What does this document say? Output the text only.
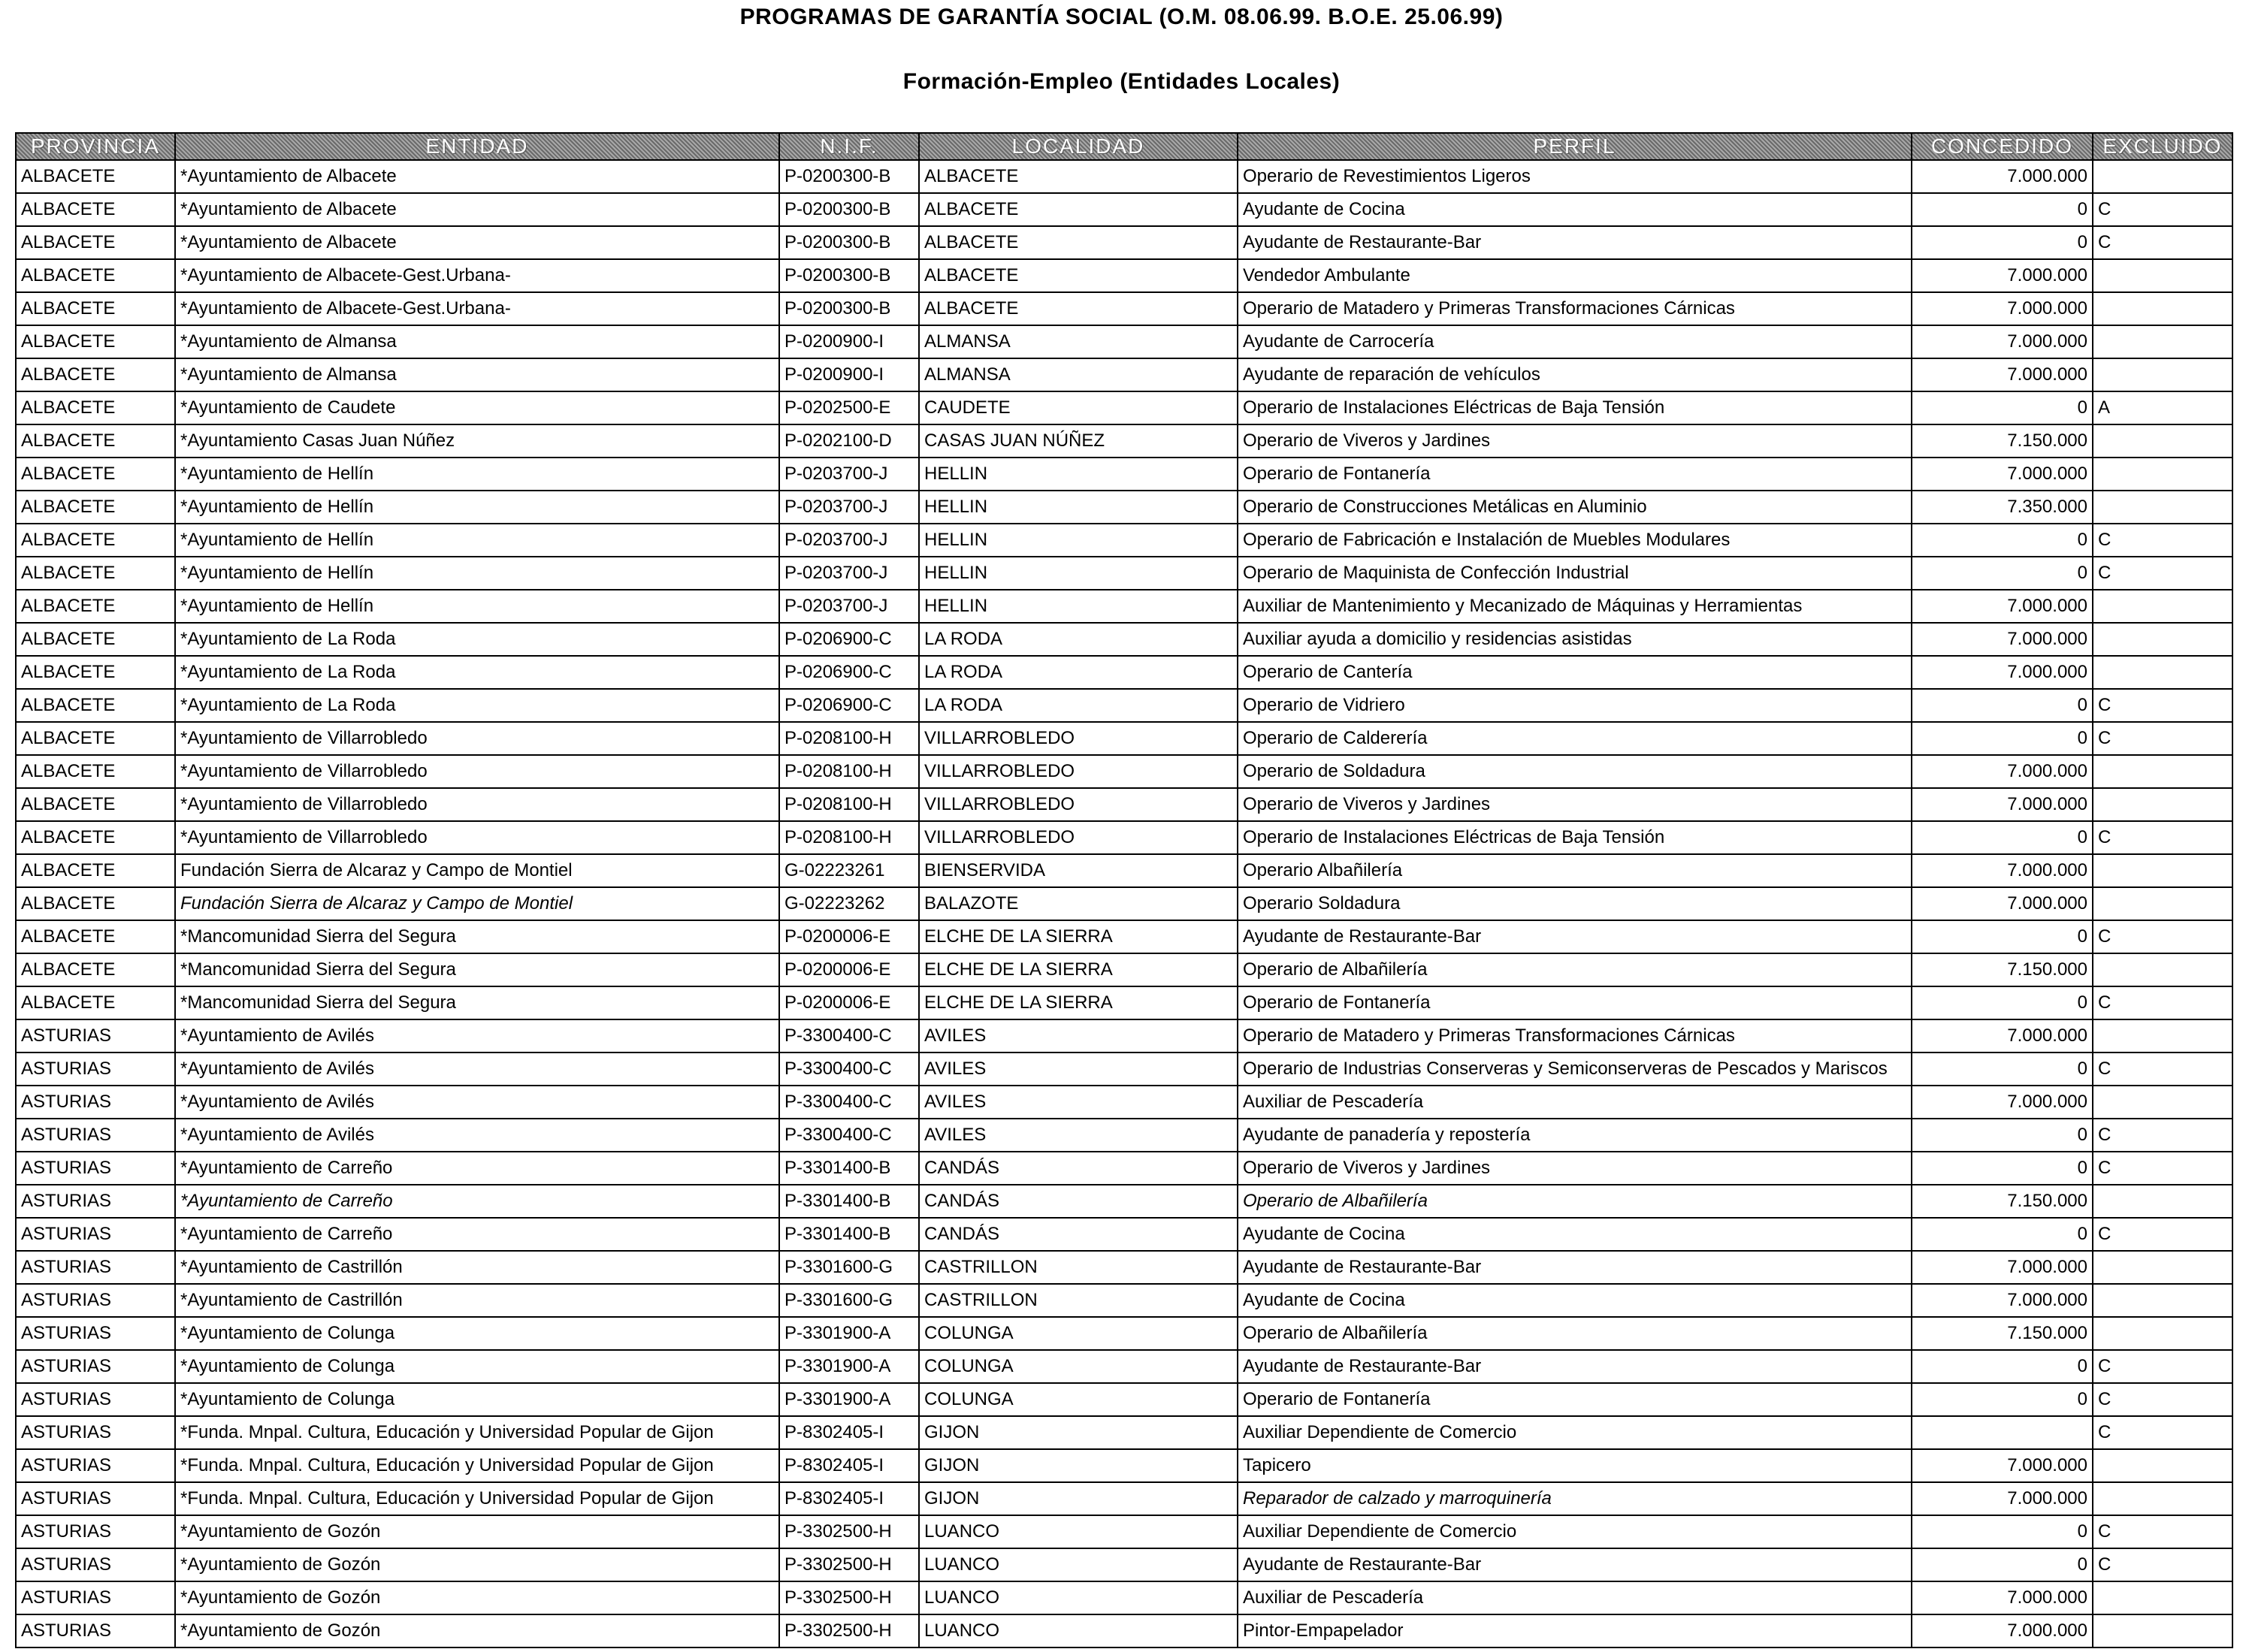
PROGRAMAS DE GARANTÍA SOCIAL (O.M. 08.06.99. B.O.E. 25.06.99)
Formación-Empleo (Entidades Locales)
PROVINCIA	ENTIDAD	N.I.F.	LOCALIDAD	PERFIL	CONCEDIDO	EXCLUIDO
ALBACETE	*Ayuntamiento de Albacete	P-0200300-B	ALBACETE	Operario de Revestimientos Ligeros	7.000.000	
ALBACETE	*Ayuntamiento de Albacete	P-0200300-B	ALBACETE	Ayudante de Cocina	0	C
ALBACETE	*Ayuntamiento de Albacete	P-0200300-B	ALBACETE	Ayudante de Restaurante-Bar	0	C
ALBACETE	*Ayuntamiento de Albacete-Gest.Urbana-	P-0200300-B	ALBACETE	Vendedor Ambulante	7.000.000	
ALBACETE	*Ayuntamiento de Albacete-Gest.Urbana-	P-0200300-B	ALBACETE	Operario de Matadero y Primeras Transformaciones Cárnicas	7.000.000	
ALBACETE	*Ayuntamiento de Almansa	P-0200900-I	ALMANSA	Ayudante de Carrocería	7.000.000	
ALBACETE	*Ayuntamiento de Almansa	P-0200900-I	ALMANSA	Ayudante de reparación de vehículos	7.000.000	
ALBACETE	*Ayuntamiento de Caudete	P-0202500-E	CAUDETE	Operario de Instalaciones Eléctricas de Baja Tensión	0	A
ALBACETE	*Ayuntamiento Casas Juan Núñez	P-0202100-D	CASAS JUAN NÚÑEZ	Operario de Viveros y Jardines	7.150.000	
ALBACETE	*Ayuntamiento de Hellín	P-0203700-J	HELLIN	Operario de Fontanería	7.000.000	
ALBACETE	*Ayuntamiento de Hellín	P-0203700-J	HELLIN	Operario de Construcciones Metálicas en Aluminio	7.350.000	
ALBACETE	*Ayuntamiento de Hellín	P-0203700-J	HELLIN	Operario de Fabricación e Instalación de Muebles Modulares	0	C
ALBACETE	*Ayuntamiento de Hellín	P-0203700-J	HELLIN	Operario de Maquinista de Confección Industrial	0	C
ALBACETE	*Ayuntamiento de Hellín	P-0203700-J	HELLIN	Auxiliar de Mantenimiento y Mecanizado de Máquinas y Herramientas	7.000.000	
ALBACETE	*Ayuntamiento de La Roda	P-0206900-C	LA RODA	Auxiliar ayuda a domicilio y residencias asistidas	7.000.000	
ALBACETE	*Ayuntamiento de La Roda	P-0206900-C	LA RODA	Operario de Cantería	7.000.000	
ALBACETE	*Ayuntamiento de La Roda	P-0206900-C	LA RODA	Operario de Vidriero	0	C
ALBACETE	*Ayuntamiento de Villarrobledo	P-0208100-H	VILLARROBLEDO	Operario de Calderería	0	C
ALBACETE	*Ayuntamiento de Villarrobledo	P-0208100-H	VILLARROBLEDO	Operario de Soldadura	7.000.000	
ALBACETE	*Ayuntamiento de Villarrobledo	P-0208100-H	VILLARROBLEDO	Operario de Viveros y Jardines	7.000.000	
ALBACETE	*Ayuntamiento de Villarrobledo	P-0208100-H	VILLARROBLEDO	Operario de Instalaciones Eléctricas de Baja Tensión	0	C
ALBACETE	Fundación Sierra de Alcaraz y Campo de Montiel	G-02223261	BIENSERVIDA	Operario Albañilería	7.000.000	
ALBACETE	Fundación Sierra de Alcaraz y Campo de Montiel	G-02223262	BALAZOTE	Operario Soldadura	7.000.000	
ALBACETE	*Mancomunidad Sierra del Segura	P-0200006-E	ELCHE DE LA SIERRA	Ayudante de Restaurante-Bar	0	C
ALBACETE	*Mancomunidad Sierra del Segura	P-0200006-E	ELCHE DE LA SIERRA	Operario de Albañilería	7.150.000	
ALBACETE	*Mancomunidad Sierra del Segura	P-0200006-E	ELCHE DE LA SIERRA	Operario de Fontanería	0	C
ASTURIAS	*Ayuntamiento de Avilés	P-3300400-C	AVILES	Operario de Matadero y Primeras Transformaciones Cárnicas	7.000.000	
ASTURIAS	*Ayuntamiento de Avilés	P-3300400-C	AVILES	Operario de Industrias Conserveras y Semiconserveras de Pescados y Mariscos	0	C
ASTURIAS	*Ayuntamiento de Avilés	P-3300400-C	AVILES	Auxiliar de Pescadería	7.000.000	
ASTURIAS	*Ayuntamiento de Avilés	P-3300400-C	AVILES	Ayudante de panadería y repostería	0	C
ASTURIAS	*Ayuntamiento de Carreño	P-3301400-B	CANDÁS	Operario de Viveros y Jardines	0	C
ASTURIAS	*Ayuntamiento de Carreño	P-3301400-B	CANDÁS	Operario de Albañilería	7.150.000	
ASTURIAS	*Ayuntamiento de Carreño	P-3301400-B	CANDÁS	Ayudante de Cocina	0	C
ASTURIAS	*Ayuntamiento de Castrillón	P-3301600-G	CASTRILLON	Ayudante de Restaurante-Bar	7.000.000	
ASTURIAS	*Ayuntamiento de Castrillón	P-3301600-G	CASTRILLON	Ayudante de Cocina	7.000.000	
ASTURIAS	*Ayuntamiento de Colunga	P-3301900-A	COLUNGA	Operario de Albañilería	7.150.000	
ASTURIAS	*Ayuntamiento de Colunga	P-3301900-A	COLUNGA	Ayudante de Restaurante-Bar	0	C
ASTURIAS	*Ayuntamiento de Colunga	P-3301900-A	COLUNGA	Operario de Fontanería	0	C
ASTURIAS	*Funda. Mnpal. Cultura, Educación y Universidad Popular de Gijon	P-8302405-I	GIJON	Auxiliar Dependiente de Comercio		C
ASTURIAS	*Funda. Mnpal. Cultura, Educación y Universidad Popular de Gijon	P-8302405-I	GIJON	Tapicero	7.000.000	
ASTURIAS	*Funda. Mnpal. Cultura, Educación y Universidad Popular de Gijon	P-8302405-I	GIJON	Reparador de calzado y marroquinería	7.000.000	
ASTURIAS	*Ayuntamiento de Gozón	P-3302500-H	LUANCO	Auxiliar Dependiente de Comercio	0	C
ASTURIAS	*Ayuntamiento de Gozón	P-3302500-H	LUANCO	Ayudante de Restaurante-Bar	0	C
ASTURIAS	*Ayuntamiento de Gozón	P-3302500-H	LUANCO	Auxiliar de Pescadería	7.000.000	
ASTURIAS	*Ayuntamiento de Gozón	P-3302500-H	LUANCO	Pintor-Empapelador	7.000.000	
